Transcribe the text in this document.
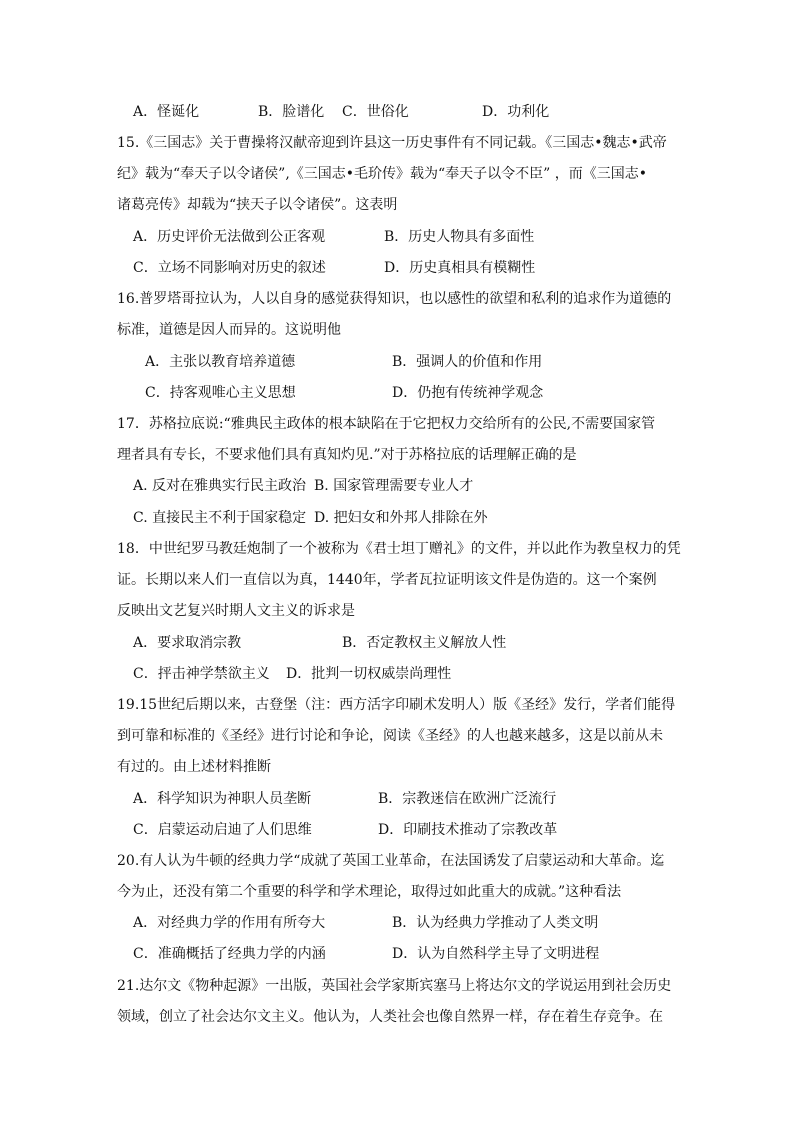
A．怪诞化	B．脸谱化 C．世俗化	D．功利化
15.《三国志》关于曹操将汉献帝迎到许县这一历史事件有不同记载。《三国志•魏志•武帝
纪》载为“奉天子以令诸侯”,《三国志•毛玠传》载为“奉天子以令不臣” ，而《三国志•
诸葛亮传》却载为“挟天子以令诸侯”。这表明
A．历史评价无法做到公正客观	B．历史人物具有多面性
C．立场不同影响对历史的叙述	D．历史真相具有模糊性
16.普罗塔哥拉认为，人以自身的感觉获得知识，也以感性的欲望和私利的追求作为道德的
标准，道德是因人而异的。这说明他
A．主张以教育培养道德	B．强调人的价值和作用
C．持客观唯心主义思想	D．仍抱有传统神学观念
17．苏格拉底说:“雅典民主政体的根本缺陷在于它把权力交给所有的公民,不需要国家管
理者具有专长，不要求他们具有真知灼见.”对于苏格拉底的话理解正确的是
A. 反对在雅典实行民主政治 B. 国家管理需要专业人才
C. 直接民主不利于国家稳定 D. 把妇女和外邦人排除在外
18．中世纪罗马教廷炮制了一个被称为《君士坦丁赠礼》的文件，并以此作为教皇权力的凭
证。长期以来人们一直信以为真，1440年，学者瓦拉证明该文件是伪造的。这一个案例
反映出文艺复兴时期人文主义的诉求是
A．要求取消宗教	B．否定教权主义解放人性
C．抨击神学禁欲主义 D．批判一切权威崇尚理性
19.15世纪后期以来，古登堡（注：西方活字印刷术发明人）版《圣经》发行，学者们能得
到可靠和标准的《圣经》进行讨论和争论，阅读《圣经》的人也越来越多，这是以前从未
有过的。由上述材料推断
A．科学知识为神职人员垄断	B．宗教迷信在欧洲广泛流行
C．启蒙运动启迪了人们思维	D．印刷技术推动了宗教改革
20.有人认为牛顿的经典力学“成就了英国工业革命，在法国诱发了启蒙运动和大革命。迄
今为止，还没有第二个重要的科学和学术理论，取得过如此重大的成就。”这种看法
A．对经典力学的作用有所夸大	B．认为经典力学推动了人类文明
C．准确概括了经典力学的内涵	D．认为自然科学主导了文明进程
21.达尔文《物种起源》一出版，英国社会学家斯宾塞马上将达尔文的学说运用到社会历史
领域，创立了社会达尔文主义。他认为，人类社会也像自然界一样，存在着生存竞争。在
